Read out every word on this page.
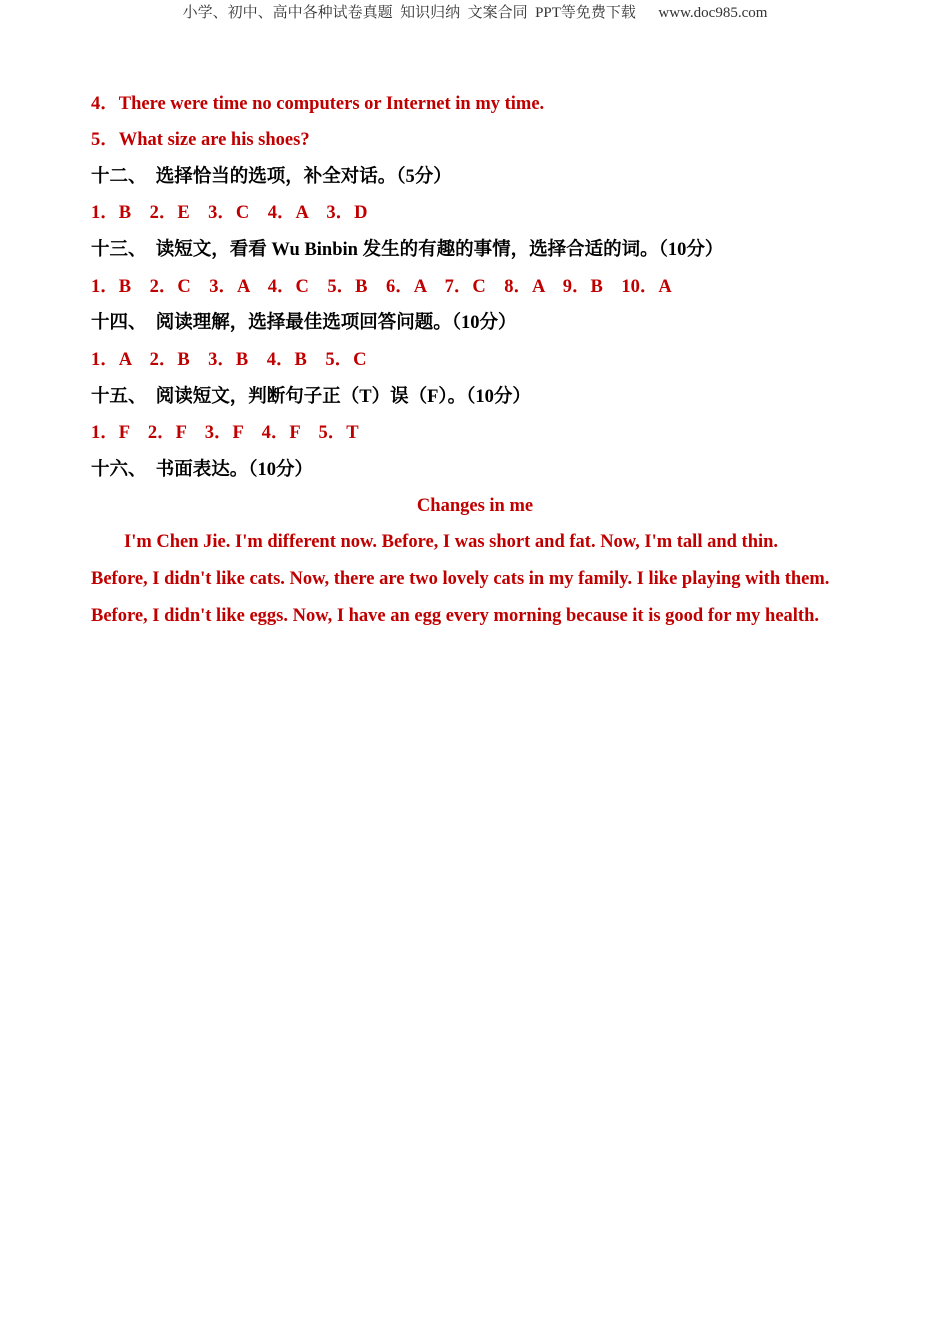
小学、初中、高中各种试卷真题  知识归纳  文案合同  PPT等免费下载      www.doc985.com
4．There were time no computers or Internet in my time.
5．What size are his shoes?
十二、  选择恰当的选项，补全对话。（5分）
1．B    2．E    3．C    4．A    3．D
十三、  读短文，看看 Wu Binbin 发生的有趣的事情，选择合适的词。（10分）
1．B    2．C    3．A    4．C    5．B    6．A    7．C    8．A    9．B    10．A
十四、  阅读理解，选择最佳选项回答问题。（10分）
1．A    2．B    3．B    4．B    5．C
十五、  阅读短文，判断句子正（T）误（F）。（10分）
1．F    2．F    3．F    4．F    5．T
十六、  书面表达。（10分）
Changes in me
I'm Chen Jie. I'm different now. Before, I was short and fat. Now, I'm tall and thin.
Before, I didn't like cats. Now, there are two lovely cats in my family. I like playing with them.
Before, I didn't like eggs. Now, I have an egg every morning because it is good for my health.
